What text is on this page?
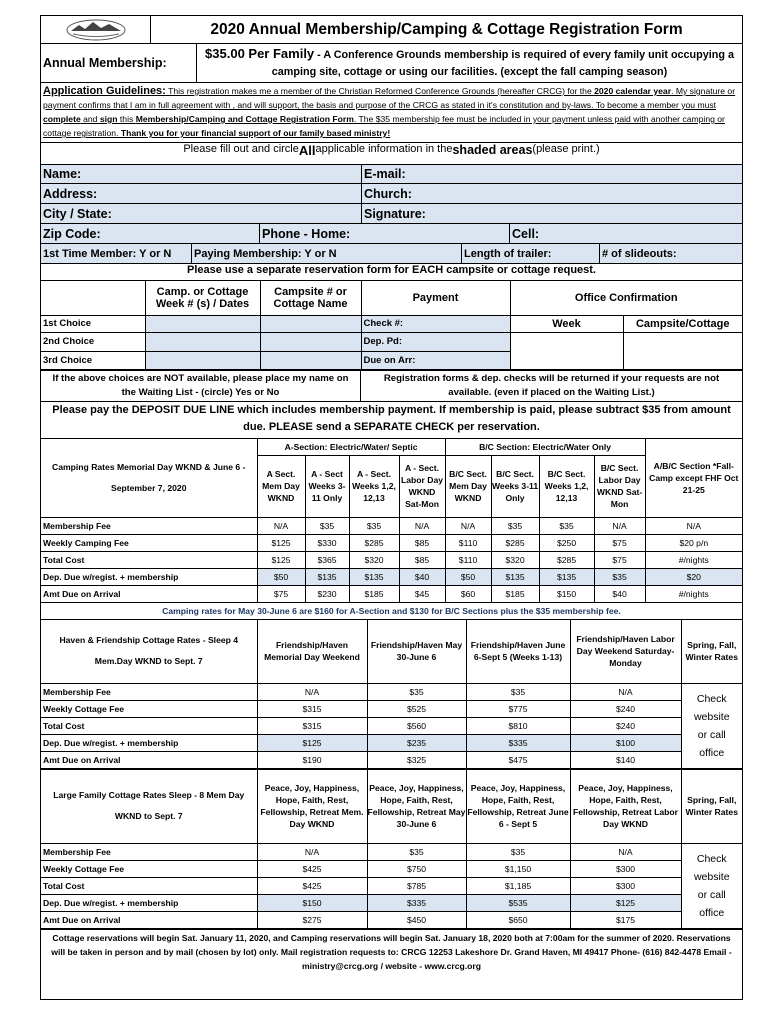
2020 Annual Membership/Camping & Cottage Registration Form
Annual Membership:
$35.00 Per Family - A Conference Grounds membership is required of every family unit occupying a
camping site, cottage or using our facilities. (except the fall camping season)
Application Guidelines: This registration makes me a member of the Christian Reformed Conference Grounds (hereafter CRCG) for the 2020 calendar year. My signature or payment confirms that I am in full agreement with , and will support, the basis and purpose of the CRCG as stated in it's constitution and by-laws. To become a member you must complete and sign this Membership/Camping and Cottage Registration Form. The $35 membership fee must be included in your payment unless paid with another camping or cottage registration. Thank you for your financial support of our family based ministry!
Please fill out and circle All applicable information in the shaded areas (please print.)
Name:	E-mail:
Address:	Church:
City / State:	Signature:
Zip Code:	Phone - Home:	Cell:
1st Time Member: Y or N	Paying Membership: Y or N	Length of trailer:	# of slideouts:
Please use a separate reservation form for EACH campsite or cottage request.
	Camp. or Cottage Week # (s) / Dates	Campsite # or Cottage Name	Payment	Office Confirmation	
1st Choice			Check #:	Week	Campsite/Cottage
2nd Choice			Dep. Pd:		
3rd Choice			Due on Arr:		
If the above choices are NOT available, please place my name on the Waiting List - (circle) Yes or No
Registration forms & dep. checks will be returned if your requests are not available. (even if placed on the Waiting List.)
Please pay the DEPOSIT DUE LINE which includes membership payment. If membership is paid, please subtract $35 from amount due. PLEASE send a SEPARATE CHECK per reservation.
Camping Rates Memorial Day WKND & June 6 - September 7, 2020	A-Section: Electric/Water/ Septic				B/C Section: Electric/Water Only				A/B/C Section *Fall-Camp except FHF Oct 21-25
	A Sect. Mem Day WKND	A - Sect Weeks 3-11 Only	A - Sect. Weeks 1,2, 12,13	A - Sect. Labor Day WKND Sat-Mon	B/C Sect. Mem Day WKND	B/C Sect. Weeks 3-11 Only	B/C Sect. Weeks 1,2, 12,13	B/C Sect. Labor Day WKND Sat-Mon	
Membership Fee	N/A	$35	$35	N/A	N/A	$35	$35	N/A	N/A
Weekly Camping Fee	$125	$330	$285	$85	$110	$285	$250	$75	$20 p/n
Total Cost	$125	$365	$320	$85	$110	$320	$285	$75	#/nights
Dep. Due w/regist. + membership	$50	$135	$135	$40	$50	$135	$135	$35	$20
Amt Due on Arrival	$75	$230	$185	$45	$60	$185	$150	$40	#/nights
Camping rates for May 30-June 6 are $160 for A-Section and $130 for B/C Sections plus the $35 membership fee.									
Haven & Friendship Cottage Rates - Sleep 4 Mem.Day WKND to Sept. 7	Friendship/Haven Memorial Day Weekend	Friendship/Haven May 30-June 6	Friendship/Haven June 6-Sept 5 (Weeks 1-13)	Friendship/Haven Labor Day Weekend Saturday-Monday	Spring, Fall, Winter Rates
Membership Fee	N/A	$35	$35	N/A	Check website or call office
Weekly Cottage Fee	$315	$525	$775	$240	
Total Cost	$315	$560	$810	$240	
Dep. Due w/regist. + membership	$125	$235	$335	$100	
Amt Due on Arrival	$190	$325	$475	$140	
Large Family Cottage Rates Sleep - 8 Mem Day WKND to Sept. 7	Peace, Joy, Happiness, Hope, Faith, Rest, Fellowship, Retreat Mem. Day WKND	Peace, Joy, Happiness, Hope, Faith, Rest, Fellowship, Retreat May 30-June 6	Peace, Joy, Happiness, Hope, Faith, Rest, Fellowship, Retreat June 6 - Sept 5	Peace, Joy, Happiness, Hope, Faith, Rest, Fellowship, Retreat Labor Day WKND	Spring, Fall, Winter Rates
Membership Fee	N/A	$35	$35	N/A	Check website or call office
Weekly Cottage Fee	$425	$750	$1,150	$300	
Total Cost	$425	$785	$1,185	$300	
Dep. Due w/regist. + membership	$150	$335	$535	$125	
Amt Due on Arrival	$275	$450	$650	$175	
Cottage reservations will begin Sat. January 11, 2020, and Camping reservations will begin Sat. January 18, 2020 both at 7:00am for the summer of 2020. Reservations will be taken in person and by mail (chosen by lot) only. Mail registration requests to: CRCG 12253 Lakeshore Dr. Grand Haven, MI 49417 Phone- (616) 842-4478 Email - ministry@crcg.org / website - www.crcg.org
